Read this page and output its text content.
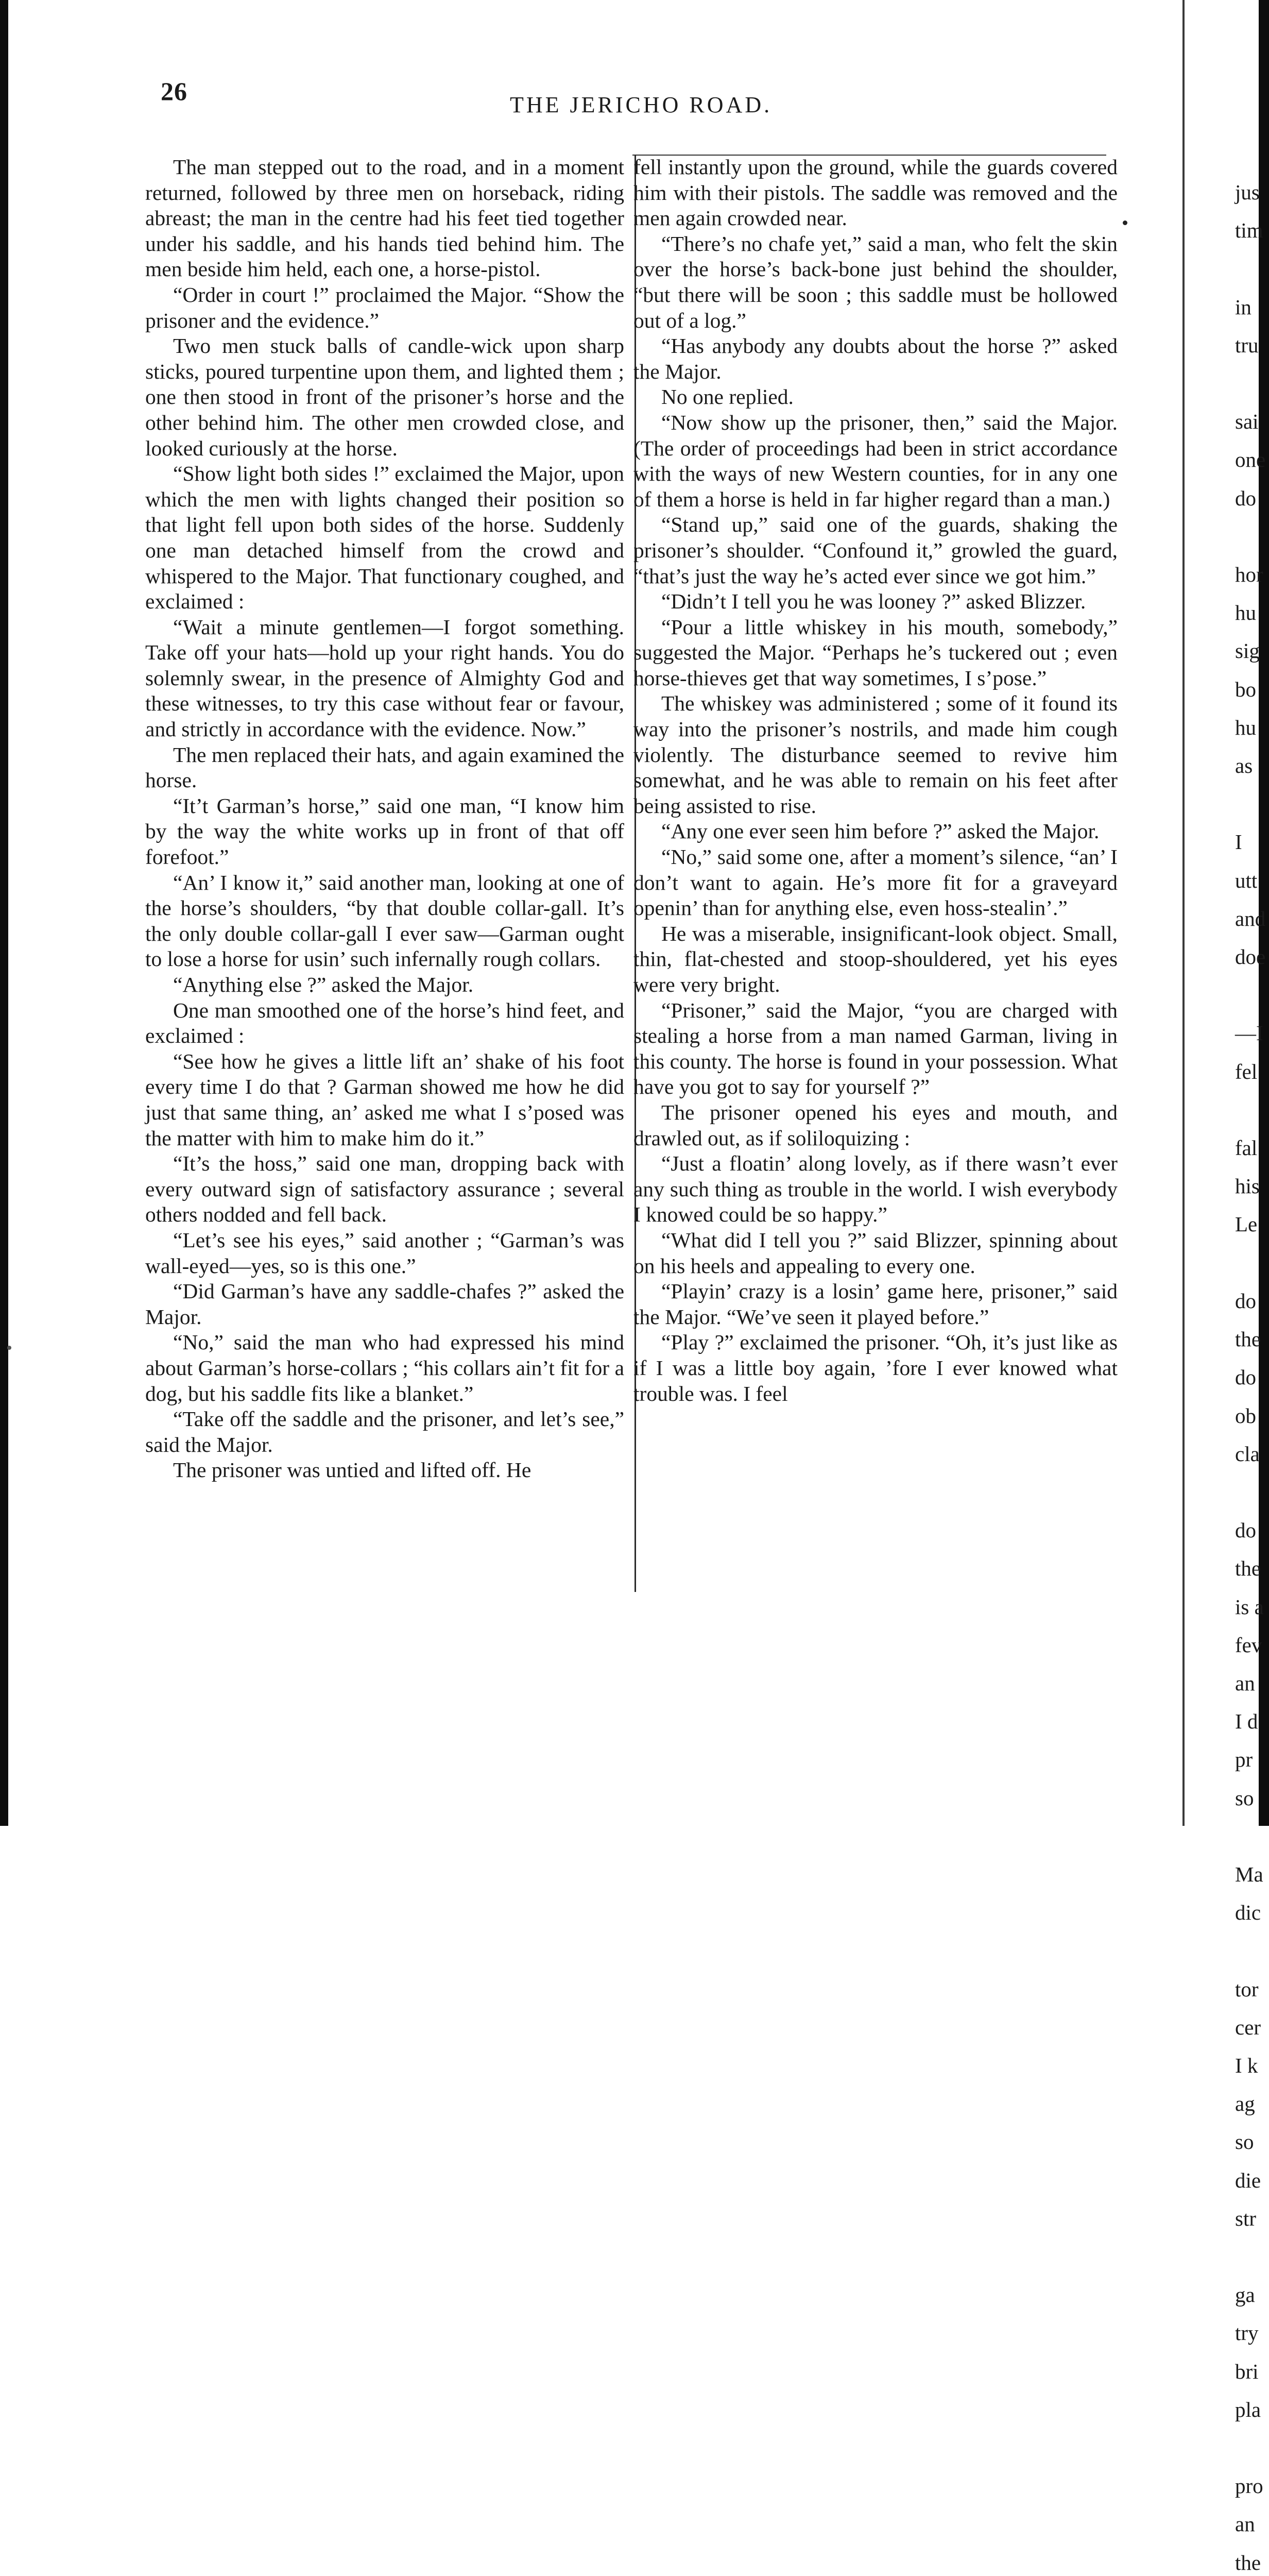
26	THE JERICHO ROAD.

The man stepped out to the road, and in a moment returned, followed by three men on horseback, riding abreast; the man in the centre had his feet tied together under his saddle, and his hands tied behind him. The men beside him held, each one, a horse-pistol.

“Order in court !” proclaimed the Major. “Show the prisoner and the evidence.”

Two men stuck balls of candle-wick upon sharp sticks, poured turpentine upon them, and lighted them ; one then stood in front of the prisoner’s horse and the other behind him. The other men crowded close, and looked curiously at the horse.

“Show light both sides !” exclaimed the Major, upon which the men with lights changed their position so that light fell upon both sides of the horse. Suddenly one man detached himself from the crowd and whispered to the Major. That functionary coughed, and exclaimed :

“Wait a minute gentlemen—I forgot something. Take off your hats—hold up your right hands. You do solemnly swear, in the presence of Almighty God and these witnesses, to try this case without fear or favour, and strictly in accordance with the evidence. Now.”

The men replaced their hats, and again examined the horse.

“It’t Garman’s horse,” said one man, “I know him by the way the white works up in front of that off forefoot.”

“An’ I know it,” said another man, looking at one of the horse’s shoulders, “by that double collar-gall. It’s the only double collar-gall I ever saw—Garman ought to lose a horse for usin’ such infernally rough collars.

“Anything else ?” asked the Major.

One man smoothed one of the horse’s hind feet, and exclaimed :

“See how he gives a little lift an’ shake of his foot every time I do that ? Garman showed me how he did just that same thing, an’ asked me what I s’posed was the matter with him to make him do it.”

“It’s the hoss,” said one man, dropping back with every outward sign of satisfactory assurance ; several others nodded and fell back.

“Let’s see his eyes,” said another ; “Garman’s was wall-eyed—yes, so is this one.”

“Did Garman’s have any saddle-chafes ?” asked the Major.

“No,” said the man who had expressed his mind about Garman’s horse-collars ; “his collars ain’t fit for a dog, but his saddle fits like a blanket.”

“Take off the saddle and the prisoner, and let’s see,” said the Major.

The prisoner was untied and lifted off. He

fell instantly upon the ground, while the guards covered him with their pistols. The saddle was removed and the men again crowded near.

“There’s no chafe yet,” said a man, who felt the skin over the horse’s back-bone just behind the shoulder, “but there will be soon ; this saddle must be hollowed out of a log.”

“Has anybody any doubts about the horse ?” asked the Major.

No one replied.

“Now show up the prisoner, then,” said the Major. (The order of proceedings had been in strict accordance with the ways of new Western counties, for in any one of them a horse is held in far higher regard than a man.)

“Stand up,” said one of the guards, shaking the prisoner’s shoulder. “Confound it,” growled the guard, “that’s just the way he’s acted ever since we got him.”

“Didn’t I tell you he was looney ?” asked Blizzer.

“Pour a little whiskey in his mouth, somebody,” suggested the Major. “Perhaps he’s tuckered out ; even horse-thieves get that way sometimes, I s’pose.”

The whiskey was administered ; some of it found its way into the prisoner’s nostrils, and made him cough violently. The disturbance seemed to revive him somewhat, and he was able to remain on his feet after being assisted to rise.

“Any one ever seen him before ?” asked the Major.

“No,” said some one, after a moment’s silence, “an’ I don’t want to again. He’s more fit for a graveyard openin’ than for anything else, even hoss-stealin’.”

He was a miserable, insignificant-look object. Small, thin, flat-chested and stoop-shouldered, yet his eyes were very bright.

“Prisoner,” said the Major, “you are charged with stealing a horse from a man named Garman, living in this county. The horse is found in your possession. What have you got to say for yourself ?”

The prisoner opened his eyes and mouth, and drawled out, as if soliloquizing :

“Just a floatin’ along lovely, as if there wasn’t ever any such thing as trouble in the world. I wish everybody I knowed could be so happy.”

“What did I tell you ?” said Blizzer, spinning about on his heels and appealing to every one.

“Playin’ crazy is a losin’ game here, prisoner,” said the Major. “We’ve seen it played before.”

“Play ?” exclaimed the prisoner. “Oh, it’s just like as if I was a little boy again, ’fore I ever knowed what trouble was. I feel

jus
tim

in
tru

sai
one
do

hor
hu
sig
bo
hu
as

I
utt
and
doe

—I
fel

fal
his
Le

do
the
do
ob
cla

do
the
is a
fev
an
I d
pr
so

Ma
dic

tor
cer
I k
ag
so
die
str

ga
try
bri
pla

pro
an
the
